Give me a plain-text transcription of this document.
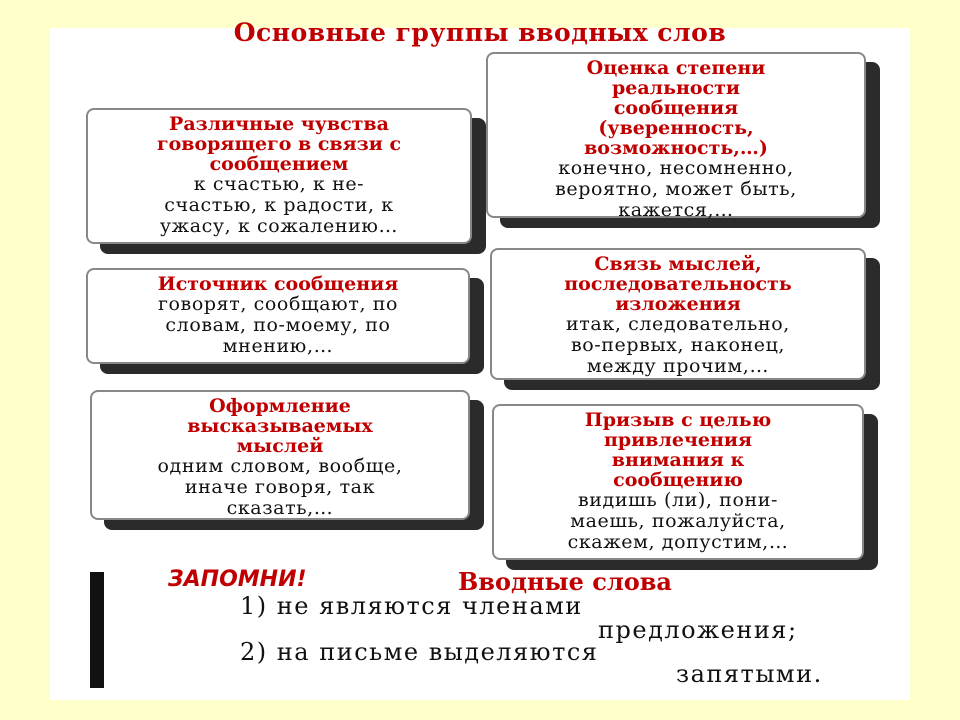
Основные группы вводных слов
Различные чувства
говорящего в связи с
сообщением
к счастью, к не-
счастью, к радости, к
ужасу, к сожалению…
Оценка степени
реальности
сообщения
(уверенность,
возможность,…)
конечно, несомненно,
вероятно, может быть,
кажется,…
Источник сообщения
говорят, сообщают, по
словам, по-моему, по
мнению,…
Связь мыслей,
последовательность
изложения
итак, следовательно,
во-первых, наконец,
между прочим,…
Оформление
высказываемых
мыслей
одним словом, вообще,
иначе говоря, так
сказать,…
Призыв с целью
привлечения
внимания к
сообщению
видишь (ли), пони-
маешь, пожалуйста,
скажем, допустим,…
ЗАПОМНИ!	Вводные слова
1) не являются членами
предложения;
2) на письме выделяются
запятыми.
